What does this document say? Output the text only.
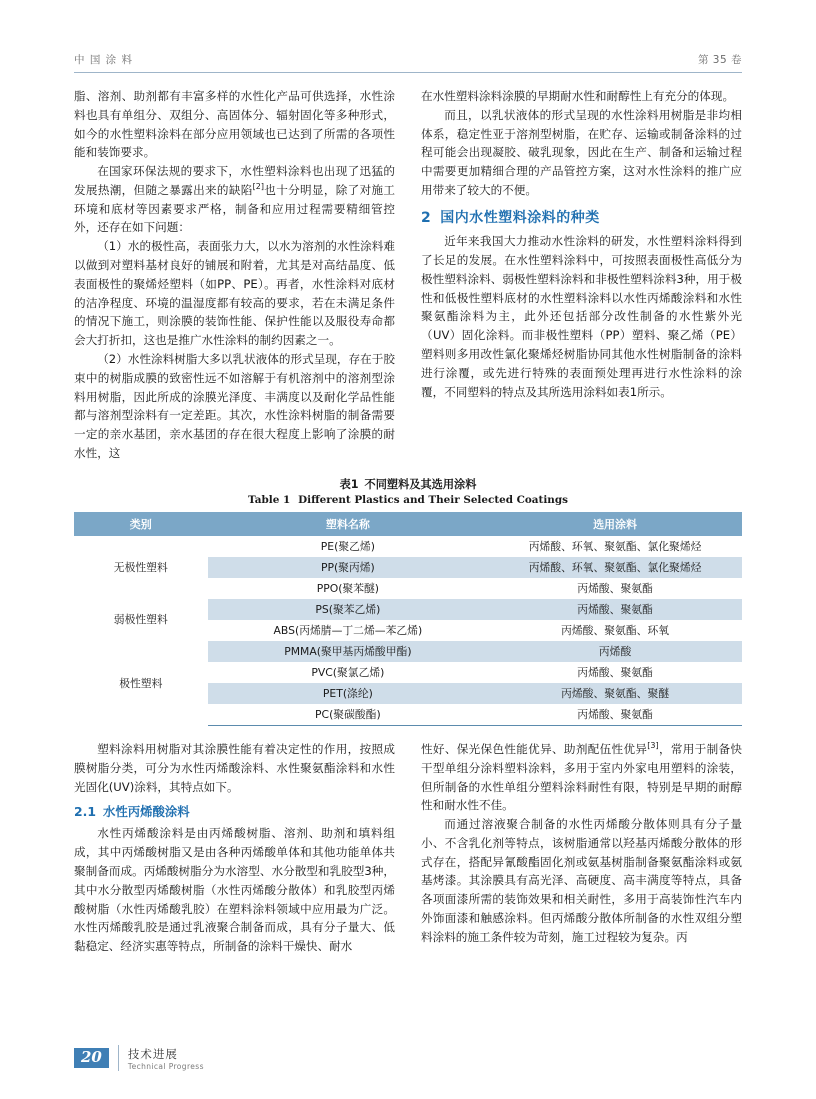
中 国 涂 料	第 35 卷

脂、溶剂、助剂都有丰富多样的水性化产品可供选择，水性涂料也具有单组分、双组分、高固体分、辐射固化等多种形式，如今的水性塑料涂料在部分应用领域也已达到了所需的各项性能和装饰要求。

在国家环保法规的要求下，水性塑料涂料也出现了迅猛的发展热潮，但随之暴露出来的缺陷[2]也十分明显，除了对施工环境和底材等因素要求严格，制备和应用过程需要精细管控外，还存在如下问题：

（1）水的极性高，表面张力大，以水为溶剂的水性涂料难以做到对塑料基材良好的铺展和附着，尤其是对高结晶度、低表面极性的聚烯烃塑料（如PP、PE）。再者，水性涂料对底材的洁净程度、环境的温湿度都有较高的要求，若在未满足条件的情况下施工，则涂膜的装饰性能、保护性能以及服役寿命都会大打折扣，这也是推广水性涂料的制约因素之一。

（2）水性涂料树脂大多以乳状液体的形式呈现，存在于胶束中的树脂成膜的致密性远不如溶解于有机溶剂中的溶剂型涂料用树脂，因此所成的涂膜光泽度、丰满度以及耐化学品性能都与溶剂型涂料有一定差距。其次，水性涂料树脂的制备需要一定的亲水基团，亲水基团的存在很大程度上影响了涂膜的耐水性，这

在水性塑料涂料涂膜的早期耐水性和耐醇性上有充分的体现。

而且，以乳状液体的形式呈现的水性涂料用树脂是非均相体系，稳定性亚于溶剂型树脂，在贮存、运输或制备涂料的过程可能会出现凝胶、破乳现象，因此在生产、制备和运输过程中需要更加精细合理的产品管控方案，这对水性涂料的推广应用带来了较大的不便。

2 国内水性塑料涂料的种类

近年来我国大力推动水性涂料的研发，水性塑料涂料得到了长足的发展。在水性塑料涂料中，可按照表面极性高低分为极性塑料涂料、弱极性塑料涂料和非极性塑料涂料3种，用于极性和低极性塑料底材的水性塑料涂料以水性丙烯酸涂料和水性聚氨酯涂料为主，此外还包括部分改性制备的水性紫外光（UV）固化涂料。而非极性塑料（PP）塑料、聚乙烯（PE）塑料则多用改性氯化聚烯烃树脂协同其他水性树脂制备的涂料进行涂覆，或先进行特殊的表面预处理再进行水性涂料的涂覆，不同塑料的特点及其所选用涂料如表1所示。

表1 不同塑料及其选用涂料
Table 1 Different Plastics and Their Selected Coatings
类别	塑料名称	选用涂料
无极性塑料	PE(聚乙烯)	丙烯酸、环氧、聚氨酯、氯化聚烯烃
	PP(聚丙烯)	丙烯酸、环氧、聚氨酯、氯化聚烯烃
	PPO(聚苯醚)	丙烯酸、聚氨酯
弱极性塑料	PS(聚苯乙烯)	丙烯酸、聚氨酯
	ABS(丙烯腈—丁二烯—苯乙烯)	丙烯酸、聚氨酯、环氧
极性塑料	PMMA(聚甲基丙烯酸甲酯)	丙烯酸
	PVC(聚氯乙烯)	丙烯酸、聚氨酯
	PET(涤纶)	丙烯酸、聚氨酯、聚醚
	PC(聚碳酸酯)	丙烯酸、聚氨酯

塑料涂料用树脂对其涂膜性能有着决定性的作用，按照成膜树脂分类，可分为水性丙烯酸涂料、水性聚氨酯涂料和水性光固化(UV)涂料，其特点如下。

2.1 水性丙烯酸涂料

水性丙烯酸涂料是由丙烯酸树脂、溶剂、助剂和填料组成，其中丙烯酸树脂又是由各种丙烯酸单体和其他功能单体共聚制备而成。丙烯酸树脂分为水溶型、水分散型和乳胶型3种，其中水分散型丙烯酸树脂（水性丙烯酸分散体）和乳胶型丙烯酸树脂（水性丙烯酸乳胶）在塑料涂料领域中应用最为广泛。水性丙烯酸乳胶是通过乳液聚合制备而成，具有分子量大、低黏稳定、经济实惠等特点，所制备的涂料干燥快、耐水

性好、保光保色性能优异、助剂配伍性优异[3]，常用于制备快干型单组分涂料塑料涂料，多用于室内外家电用塑料的涂装，但所制备的水性单组分塑料涂料耐性有限，特别是早期的耐醇性和耐水性不佳。

而通过溶液聚合制备的水性丙烯酸分散体则具有分子量小、不含乳化剂等特点，该树脂通常以羟基丙烯酸分散体的形式存在，搭配异氰酸酯固化剂或氨基树脂制备聚氨酯涂料或氨基烤漆。其涂膜具有高光泽、高硬度、高丰满度等特点，具备各项面漆所需的装饰效果和相关耐性，多用于高装饰性汽车内外饰面漆和触感涂料。但丙烯酸分散体所制备的水性双组分塑料涂料的施工条件较为苛刻，施工过程较为复杂。丙

20	技术进展
Technical Progress
